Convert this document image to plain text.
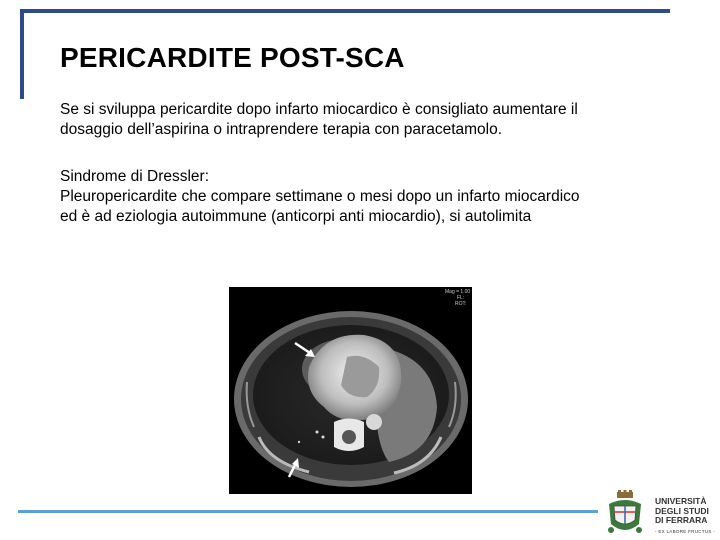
PERICARDITE POST-SCA
Se si sviluppa pericardite dopo infarto miocardico è consigliato aumentare il
dosaggio dell’aspirina o intraprendere terapia con paracetamolo.
Sindrome di Dressler:
Pleuropericardite che compare settimane o mesi dopo un infarto miocardico
ed è ad eziologia autoimmune (anticorpi anti miocardio), si autolimita
Mag = 1.00
FL:
ROT:
UNIVERSITÀ
DEGLI STUDI
DI FERRARA
- EX LABORE FRUCTUS -
